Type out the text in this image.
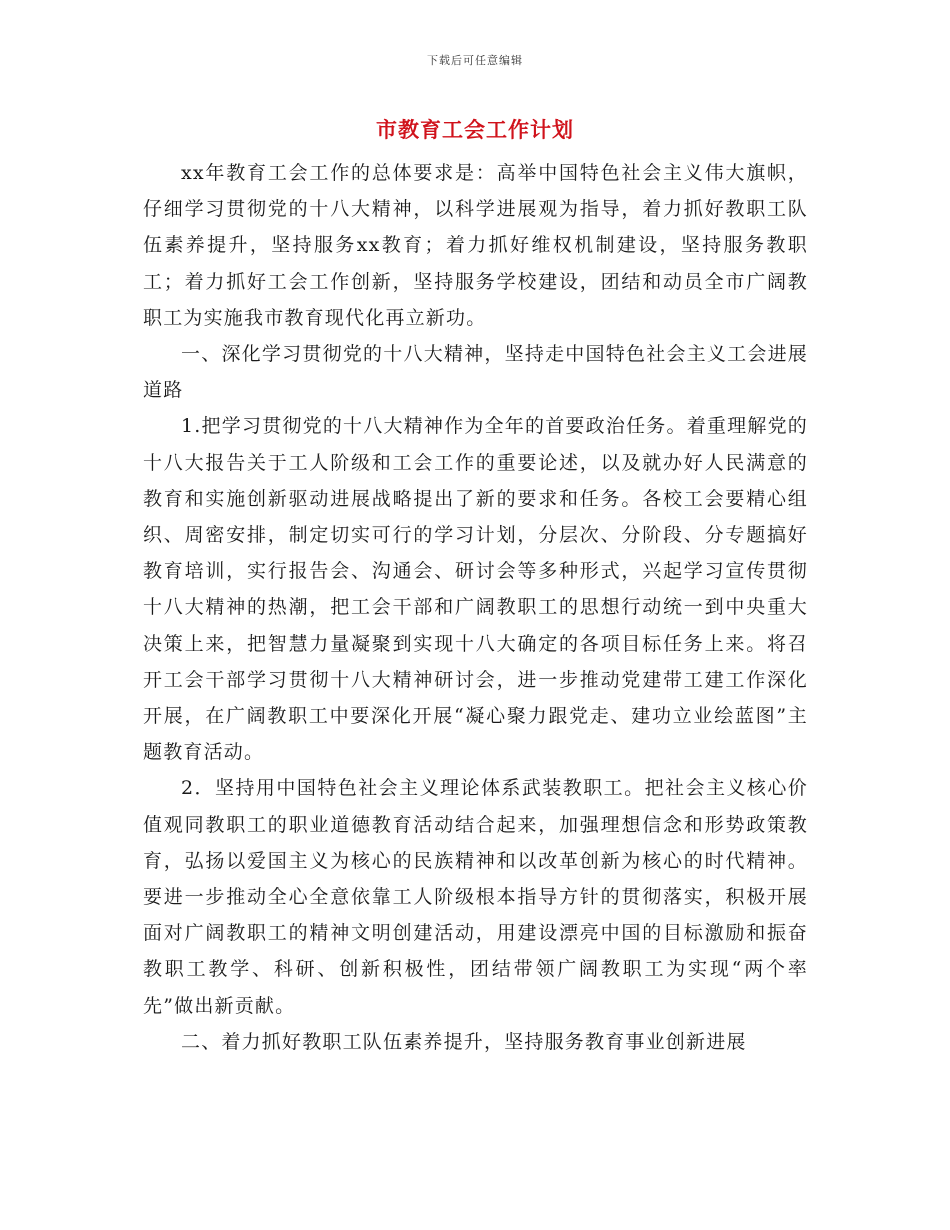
下载后可任意编辑
市教育工会工作计划

xx年教育工会工作的总体要求是：高举中国特色社会主义伟大旗帜，仔细学习贯彻党的十八大精神，以科学进展观为指导，着力抓好教职工队伍素养提升，坚持服务xx教育；着力抓好维权机制建设，坚持服务教职工；着力抓好工会工作创新，坚持服务学校建设，团结和动员全市广阔教职工为实施我市教育现代化再立新功。

一、深化学习贯彻党的十八大精神，坚持走中国特色社会主义工会进展道路

1.把学习贯彻党的十八大精神作为全年的首要政治任务。着重理解党的十八大报告关于工人阶级和工会工作的重要论述，以及就办好人民满意的教育和实施创新驱动进展战略提出了新的要求和任务。各校工会要精心组织、周密安排，制定切实可行的学习计划，分层次、分阶段、分专题搞好教育培训，实行报告会、沟通会、研讨会等多种形式，兴起学习宣传贯彻十八大精神的热潮，把工会干部和广阔教职工的思想行动统一到中央重大决策上来，把智慧力量凝聚到实现十八大确定的各项目标任务上来。将召开工会干部学习贯彻十八大精神研讨会，进一步推动党建带工建工作深化开展，在广阔教职工中要深化开展“凝心聚力跟党走、建功立业绘蓝图”主题教育活动。

2．坚持用中国特色社会主义理论体系武装教职工。把社会主义核心价值观同教职工的职业道德教育活动结合起来，加强理想信念和形势政策教育，弘扬以爱国主义为核心的民族精神和以改革创新为核心的时代精神。要进一步推动全心全意依靠工人阶级根本指导方针的贯彻落实，积极开展面对广阔教职工的精神文明创建活动，用建设漂亮中国的目标激励和振奋教职工教学、科研、创新积极性，团结带领广阔教职工为实现“两个率先”做出新贡献。

二、着力抓好教职工队伍素养提升，坚持服务教育事业创新进展
